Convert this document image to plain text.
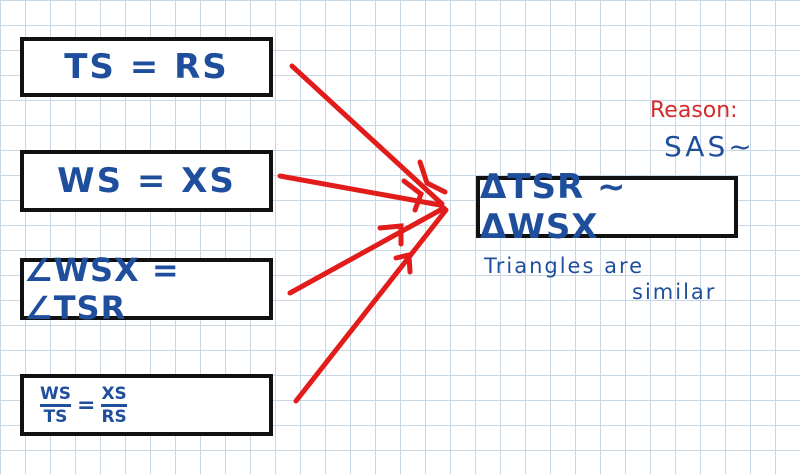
TS = RS
WS = XS
∠WSX = ∠TSR
$\frac{WS}{TS} = \frac{XS}{RS}$
ΔTSR ~ ΔWSX
Reason:
SAS~
Triangles are
similar
